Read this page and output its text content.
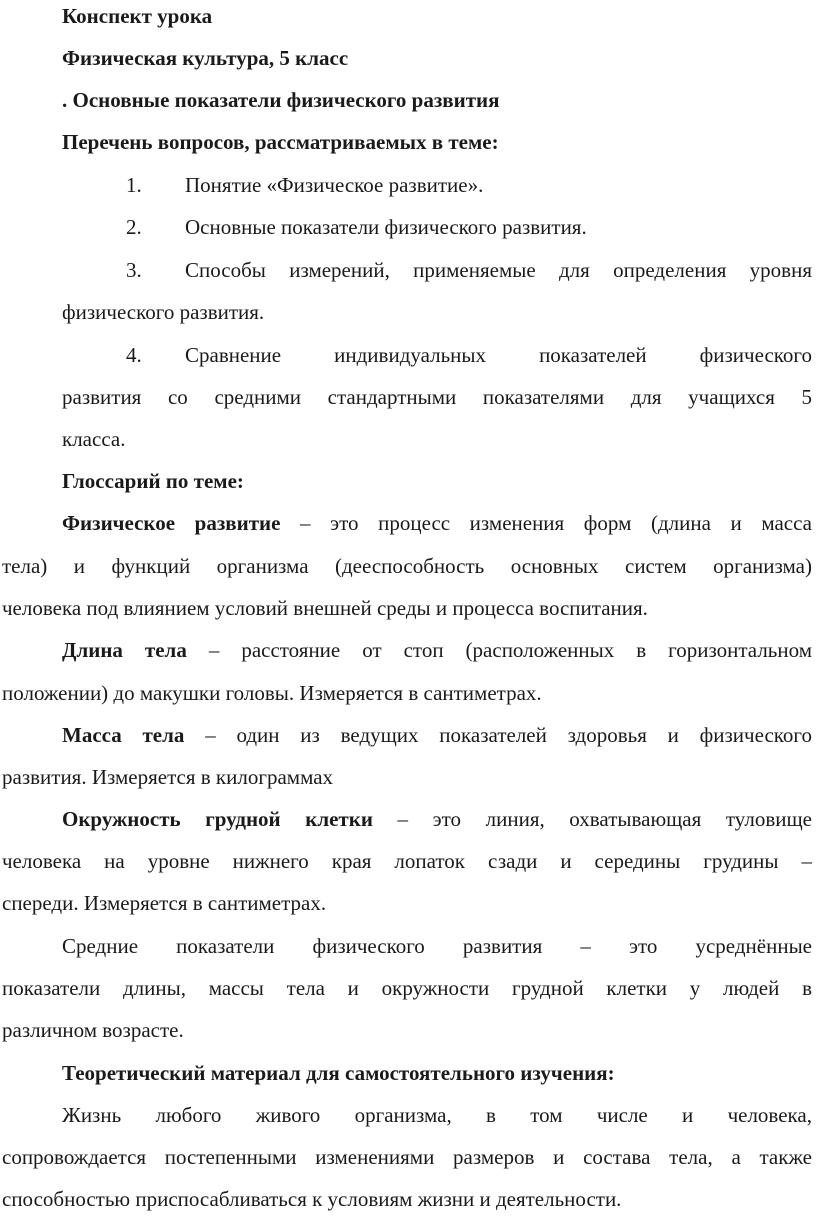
Конспект урока
Физическая культура, 5 класс
. Основные показатели физического развития
Перечень вопросов, рассматриваемых в теме:
1. Понятие «Физическое развитие».
2. Основные показатели физического развития.
3. Способы измерений, применяемые для определения уровня
физического развития.
4. Сравнение индивидуальных показателей физического
развития со средними стандартными показателями для учащихся 5
класса.
Глоссарий по теме:
Физическое развитие – это процесс изменения форм (длина и масса
тела) и функций организма (дееспособность основных систем организма)
человека под влиянием условий внешней среды и процесса воспитания.
Длина тела – расстояние от стоп (расположенных в горизонтальном
положении) до макушки головы. Измеряется в сантиметрах.
Масса тела – один из ведущих показателей здоровья и физического
развития. Измеряется в килограммах
Окружность грудной клетки – это линия, охватывающая туловище
человека на уровне нижнего края лопаток сзади и середины грудины –
спереди. Измеряется в сантиметрах.
Средние показатели физического развития – это усреднённые
показатели длины, массы тела и окружности грудной клетки у людей в
различном возрасте.
Теоретический материал для самостоятельного изучения:
Жизнь любого живого организма, в том числе и человека,
сопровождается постепенными изменениями размеров и состава тела, а также
способностью приспосабливаться к условиям жизни и деятельности.
